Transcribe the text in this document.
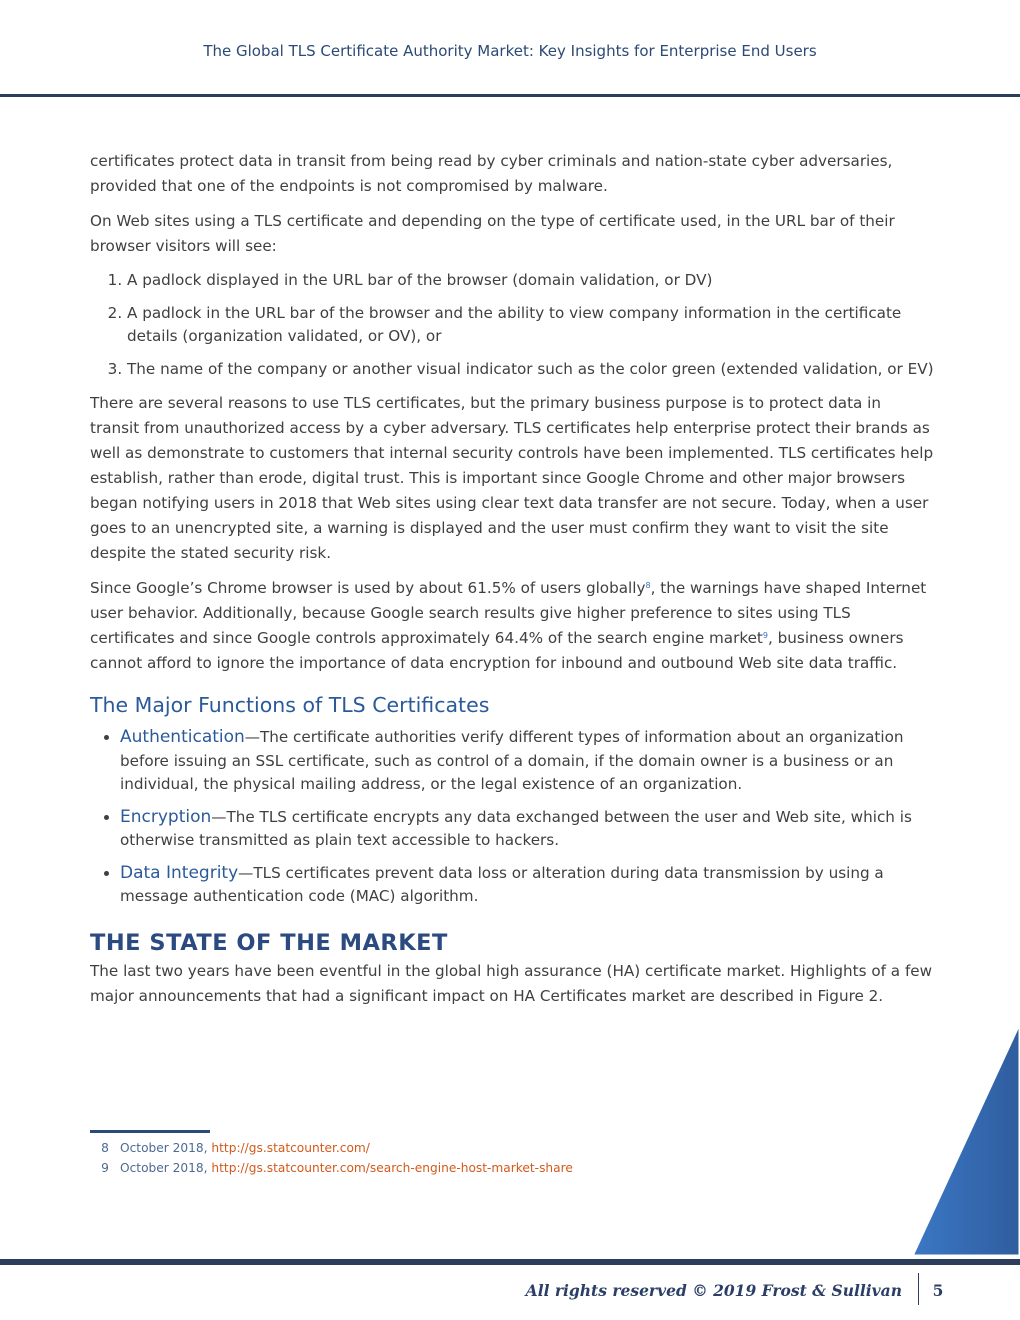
The Global TLS Certificate Authority Market: Key Insights for Enterprise End Users

certificates protect data in transit from being read by cyber criminals and nation-state cyber adversaries, provided that one of the endpoints is not compromised by malware.

On Web sites using a TLS certificate and depending on the type of certificate used, in the URL bar of their browser visitors will see:

1. A padlock displayed in the URL bar of the browser (domain validation, or DV)
2. A padlock in the URL bar of the browser and the ability to view company information in the certificate details (organization validated, or OV), or
3. The name of the company or another visual indicator such as the color green (extended validation, or EV)

There are several reasons to use TLS certificates, but the primary business purpose is to protect data in transit from unauthorized access by a cyber adversary. TLS certificates help enterprise protect their brands as well as demonstrate to customers that internal security controls have been implemented. TLS certificates help establish, rather than erode, digital trust. This is important since Google Chrome and other major browsers began notifying users in 2018 that Web sites using clear text data transfer are not secure. Today, when a user goes to an unencrypted site, a warning is displayed and the user must confirm they want to visit the site despite the stated security risk.

Since Google’s Chrome browser is used by about 61.5% of users globally$^8$, the warnings have shaped Internet user behavior. Additionally, because Google search results give higher preference to sites using TLS certificates and since Google controls approximately 64.4% of the search engine market$^9$, business owners cannot afford to ignore the importance of data encryption for inbound and outbound Web site data traffic.

The Major Functions of TLS Certificates
• Authentication—The certificate authorities verify different types of information about an organization before issuing an SSL certificate, such as control of a domain, if the domain owner is a business or an individual, the physical mailing address, or the legal existence of an organization.
• Encryption—The TLS certificate encrypts any data exchanged between the user and Web site, which is otherwise transmitted as plain text accessible to hackers.
• Data Integrity—TLS certificates prevent data loss or alteration during data transmission by using a message authentication code (MAC) algorithm.
THE STATE OF THE MARKET

The last two years have been eventful in the global high assurance (HA) certificate market. Highlights of a few major announcements that had a significant impact on HA Certificates market are described in Figure 2.

8 October 2018, http://gs.statcounter.com/
9 October 2018, http://gs.statcounter.com/search-engine-host-market-share
All rights reserved © 2019 Frost & Sullivan	5
